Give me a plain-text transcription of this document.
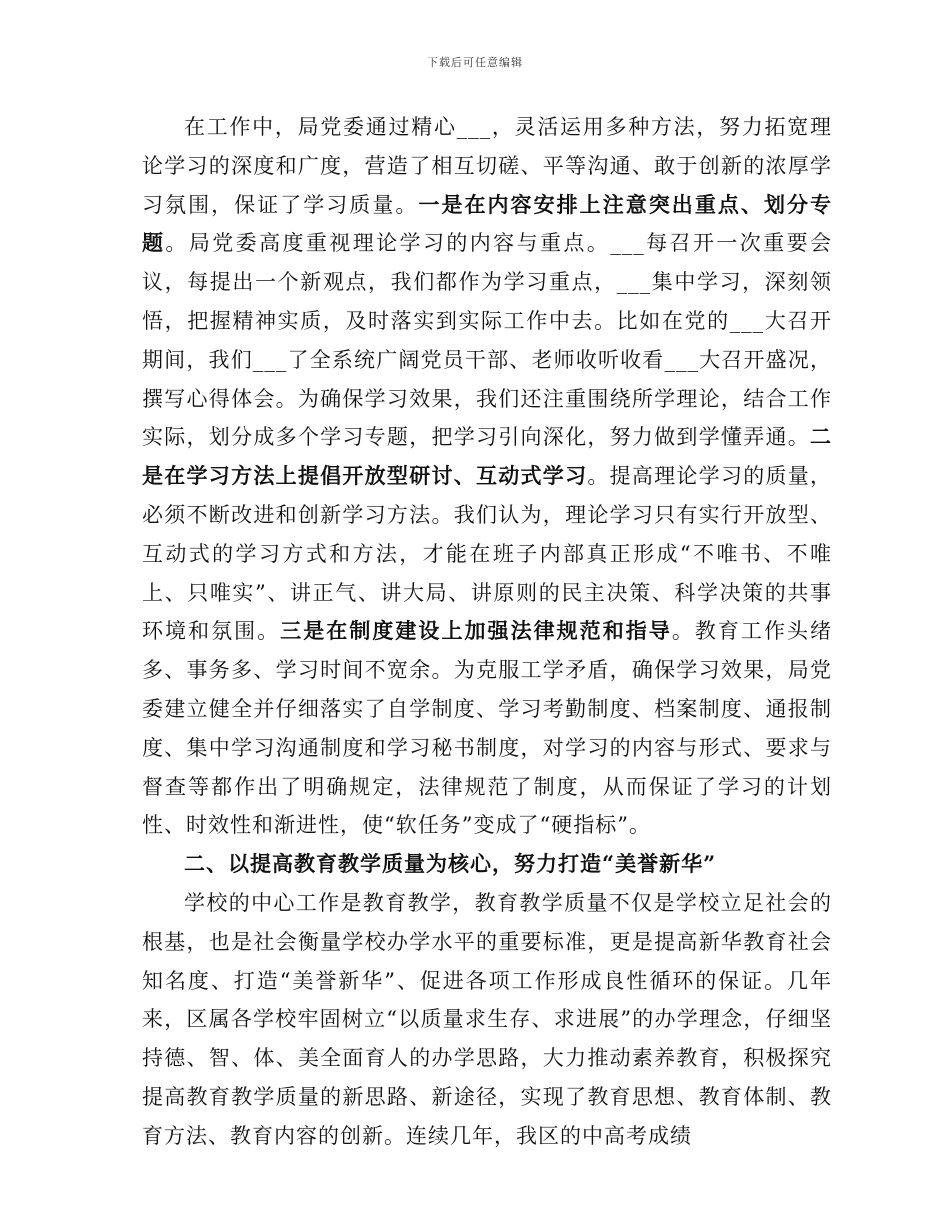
下载后可任意编辑

在工作中，局党委通过精心___，灵活运用多种方法，努力拓宽理论学习的深度和广度，营造了相互切磋、平等沟通、敢于创新的浓厚学习氛围，保证了学习质量。一是在内容安排上注意突出重点、划分专题。局党委高度重视理论学习的内容与重点。___每召开一次重要会议，每提出一个新观点，我们都作为学习重点，___集中学习，深刻领悟，把握精神实质，及时落实到实际工作中去。比如在党的___大召开期间，我们___了全系统广阔党员干部、老师收听收看___大召开盛况，撰写心得体会。为确保学习效果，我们还注重围绕所学理论，结合工作实际，划分成多个学习专题，把学习引向深化，努力做到学懂弄通。二是在学习方法上提倡开放型研讨、互动式学习。提高理论学习的质量，必须不断改进和创新学习方法。我们认为，理论学习只有实行开放型、互动式的学习方式和方法，才能在班子内部真正形成“不唯书、不唯上、只唯实”、讲正气、讲大局、讲原则的民主决策、科学决策的共事环境和氛围。三是在制度建设上加强法律规范和指导。教育工作头绪多、事务多、学习时间不宽余。为克服工学矛盾，确保学习效果，局党委建立健全并仔细落实了自学制度、学习考勤制度、档案制度、通报制度、集中学习沟通制度和学习秘书制度，对学习的内容与形式、要求与督查等都作出了明确规定，法律规范了制度，从而保证了学习的计划性、时效性和渐进性，使“软任务”变成了“硬指标”。

二、以提高教育教学质量为核心，努力打造“美誉新华”

学校的中心工作是教育教学，教育教学质量不仅是学校立足社会的根基，也是社会衡量学校办学水平的重要标准，更是提高新华教育社会知名度、打造“美誉新华”、促进各项工作形成良性循环的保证。几年来，区属各学校牢固树立“以质量求生存、求进展”的办学理念，仔细坚持德、智、体、美全面育人的办学思路，大力推动素养教育，积极探究提高教育教学质量的新思路、新途径，实现了教育思想、教育体制、教育方法、教育内容的创新。连续几年，我区的中高考成绩
